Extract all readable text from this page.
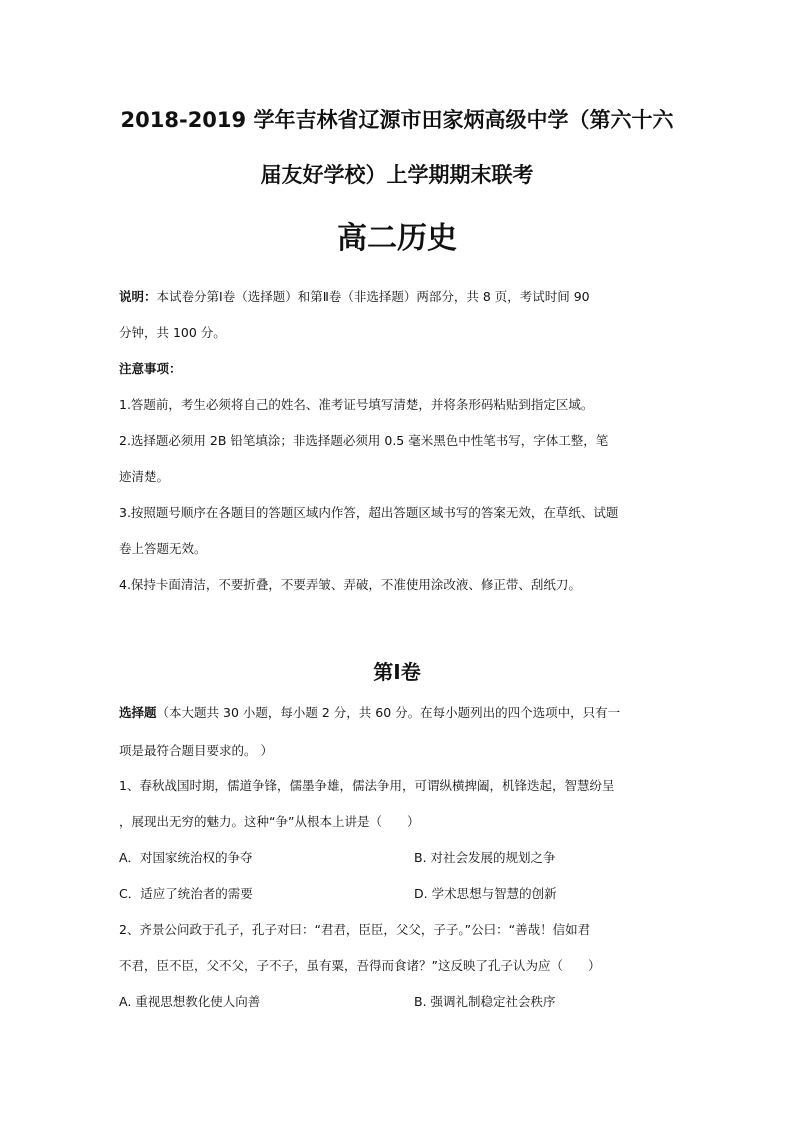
2018-2019 学年吉林省辽源市田家炳高级中学（第六十六
届友好学校）上学期期末联考
高二历史
说明：本试卷分第Ⅰ卷（选择题）和第Ⅱ卷（非选择题）两部分，共 8 页，考试时间 90
分钟，共 100 分。
注意事项：
1.答题前，考生必须将自己的姓名、准考证号填写清楚，并将条形码粘贴到指定区域。
2.选择题必须用 2B 铅笔填涂；非选择题必须用 0.5 毫米黑色中性笔书写，字体工整，笔
迹清楚。
3.按照题号顺序在各题目的答题区域内作答，超出答题区域书写的答案无效，在草纸、试题
卷上答题无效。
4.保持卡面清洁，不要折叠，不要弄皱、弄破，不准使用涂改液、修正带、刮纸刀。
第Ⅰ卷
选择题（本大题共 30 小题，每小题 2 分，共 60 分。在每小题列出的四个选项中，只有一
项是最符合题目要求的。 ）
1、春秋战国时期，儒道争锋，儒墨争雄，儒法争用，可谓纵横捭阖，机锋迭起，智慧纷呈
，展现出无穷的魅力。这种“争”从根本上讲是（　　）
A．对国家统治权的争夺	B. 对社会发展的规划之争
C．适应了统治者的需要	D. 学术思想与智慧的创新
2、齐景公问政于孔子，孔子对曰：“君君，臣臣，父父，子子。”公曰：“善哉！信如君
不君，臣不臣，父不父，子不子，虽有粟，吾得而食诸？”这反映了孔子认为应（　　）
A. 重视思想教化使人向善	B. 强调礼制稳定社会秩序
